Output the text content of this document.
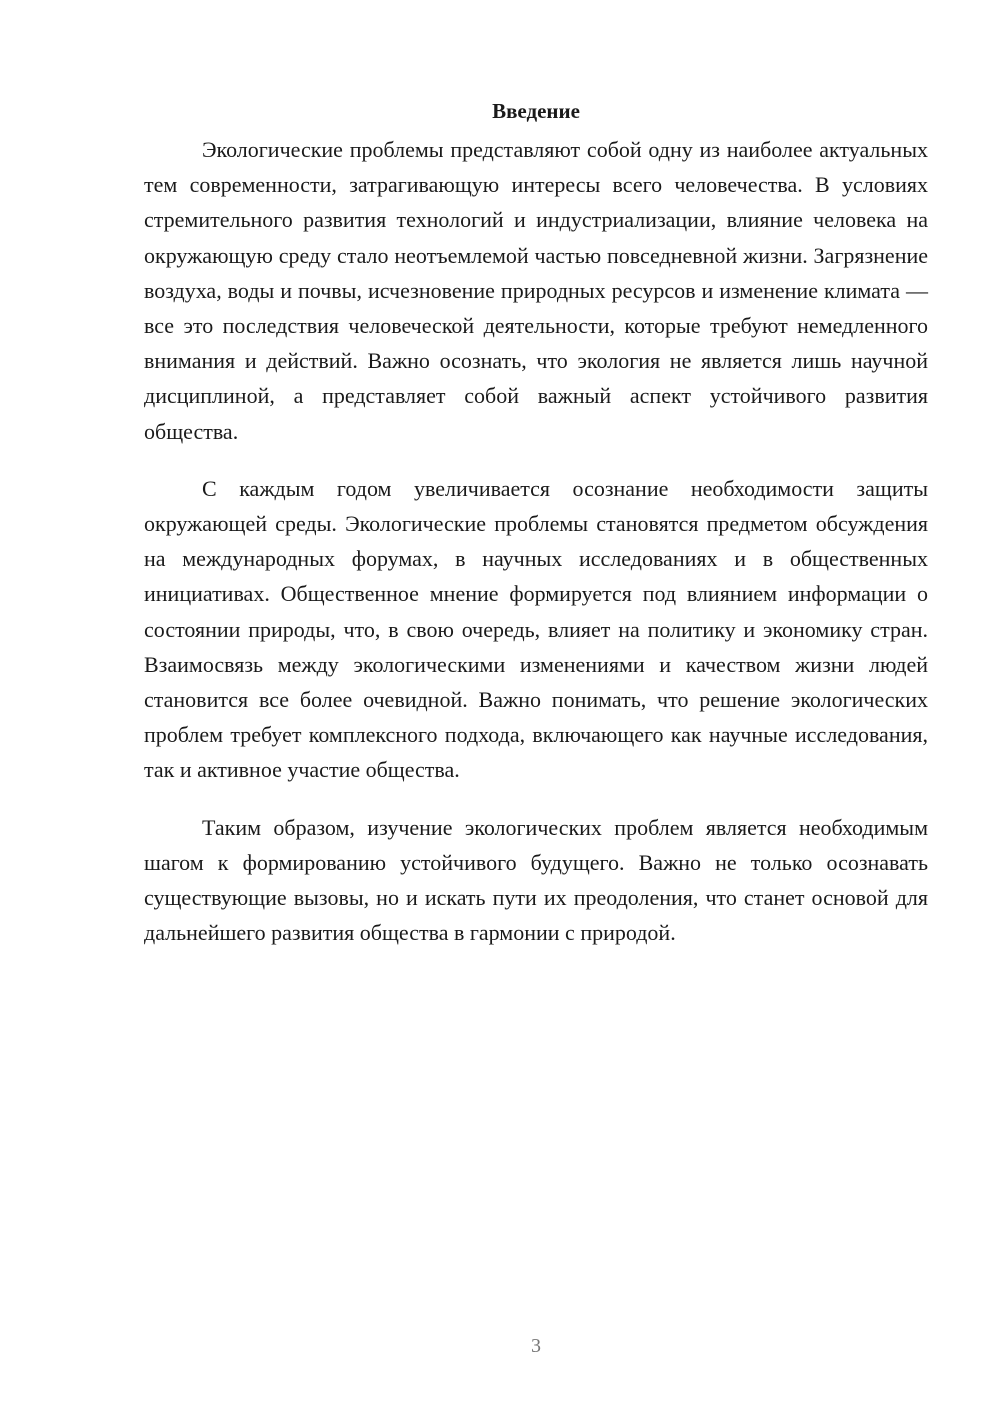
Введение

Экологические проблемы представляют собой одну из наиболее актуальных тем современности, затрагивающую интересы всего человечества. В условиях стремительного развития технологий и индустриализации, влияние человека на окружающую среду стало неотъемлемой частью повседневной жизни. Загрязнение воздуха, воды и почвы, исчезновение природных ресурсов и изменение климата — все это последствия человеческой деятельности, которые требуют немедленного внимания и действий. Важно осознать, что экология не является лишь научной дисциплиной, а представляет собой важный аспект устойчивого развития общества.

С каждым годом увеличивается осознание необходимости защиты окружающей среды. Экологические проблемы становятся предметом обсуждения на международных форумах, в научных исследованиях и в общественных инициативах. Общественное мнение формируется под влиянием информации о состоянии природы, что, в свою очередь, влияет на политику и экономику стран. Взаимосвязь между экологическими изменениями и качеством жизни людей становится все более очевидной. Важно понимать, что решение экологических проблем требует комплексного подхода, включающего как научные исследования, так и активное участие общества.

Таким образом, изучение экологических проблем является необходимым шагом к формированию устойчивого будущего. Важно не только осознавать существующие вызовы, но и искать пути их преодоления, что станет основой для дальнейшего развития общества в гармонии с природой.

3
